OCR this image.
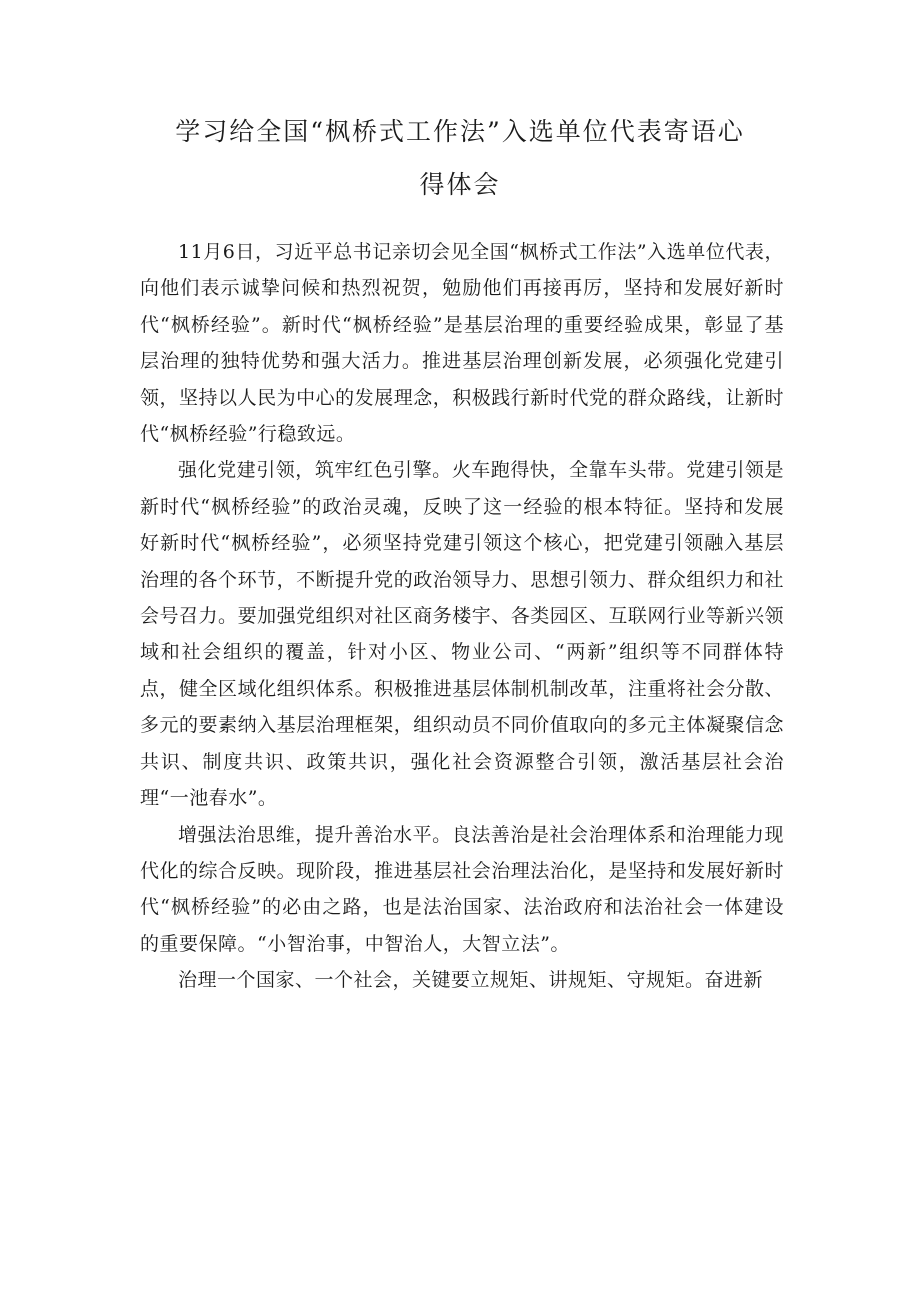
学习给全国“枫桥式工作法”入选单位代表寄语心
得体会

11月6日，习近平总书记亲切会见全国“枫桥式工作法”入选单位代表，向他们表示诚挚问候和热烈祝贺，勉励他们再接再厉，坚持和发展好新时代“枫桥经验”。新时代“枫桥经验”是基层治理的重要经验成果，彰显了基层治理的独特优势和强大活力。推进基层治理创新发展，必须强化党建引领，坚持以人民为中心的发展理念，积极践行新时代党的群众路线，让新时代“枫桥经验”行稳致远。

强化党建引领，筑牢红色引擎。火车跑得快，全靠车头带。党建引领是新时代“枫桥经验”的政治灵魂，反映了这一经验的根本特征。坚持和发展好新时代“枫桥经验”，必须坚持党建引领这个核心，把党建引领融入基层治理的各个环节，不断提升党的政治领导力、思想引领力、群众组织力和社会号召力。要加强党组织对社区商务楼宇、各类园区、互联网行业等新兴领域和社会组织的覆盖，针对小区、物业公司、“两新”组织等不同群体特点，健全区域化组织体系。积极推进基层体制机制改革，注重将社会分散、多元的要素纳入基层治理框架，组织动员不同价值取向的多元主体凝聚信念共识、制度共识、政策共识，强化社会资源整合引领，激活基层社会治理“一池春水”。

增强法治思维，提升善治水平。良法善治是社会治理体系和治理能力现代化的综合反映。现阶段，推进基层社会治理法治化，是坚持和发展好新时代“枫桥经验”的必由之路，也是法治国家、法治政府和法治社会一体建设的重要保障。“小智治事，中智治人，大智立法”。

治理一个国家、一个社会，关键要立规矩、讲规矩、守规矩。奋进新
